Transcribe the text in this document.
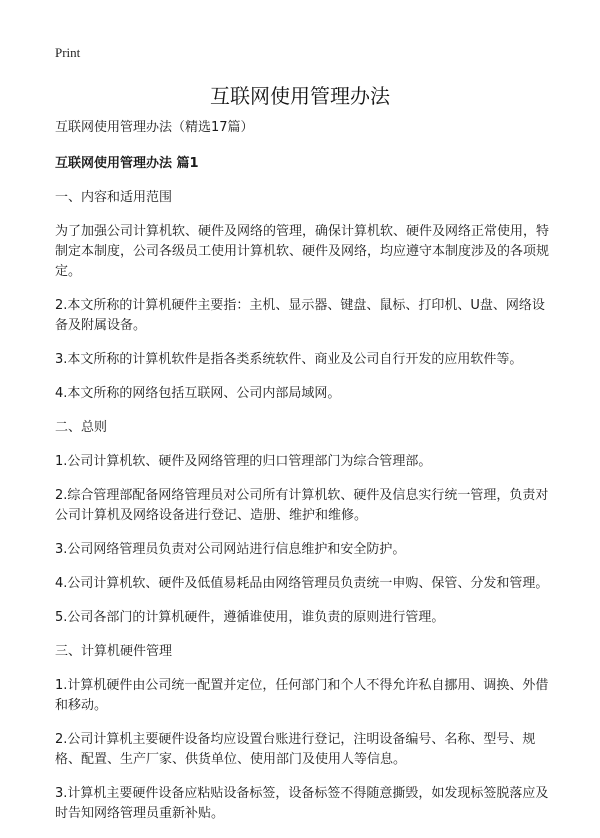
Print
互联网使用管理办法

互联网使用管理办法（精选17篇）

互联网使用管理办法 篇1

一、内容和适用范围

为了加强公司计算机软、硬件及网络的管理，确保计算机软、硬件及网络正常使用，特制定本制度，公司各级员工使用计算机软、硬件及网络，均应遵守本制度涉及的各项规定。

2.本文所称的计算机硬件主要指：主机、显示器、键盘、鼠标、打印机、U盘、网络设备及附属设备。

3.本文所称的计算机软件是指各类系统软件、商业及公司自行开发的应用软件等。

4.本文所称的网络包括互联网、公司内部局域网。

二、总则

1.公司计算机软、硬件及网络管理的归口管理部门为综合管理部。

2.综合管理部配备网络管理员对公司所有计算机软、硬件及信息实行统一管理，负责对公司计算机及网络设备进行登记、造册、维护和维修。

3.公司网络管理员负责对公司网站进行信息维护和安全防护。

4.公司计算机软、硬件及低值易耗品由网络管理员负责统一申购、保管、分发和管理。

5.公司各部门的计算机硬件，遵循谁使用，谁负责的原则进行管理。

三、计算机硬件管理

1.计算机硬件由公司统一配置并定位，任何部门和个人不得允许私自挪用、调换、外借和移动。

2.公司计算机主要硬件设备均应设置台账进行登记，注明设备编号、名称、型号、规格、配置、生产厂家、供货单位、使用部门及使用人等信息。

3.计算机主要硬件设备应粘贴设备标签，设备标签不得随意撕毁，如发现标签脱落应及时告知网络管理员重新补贴。
